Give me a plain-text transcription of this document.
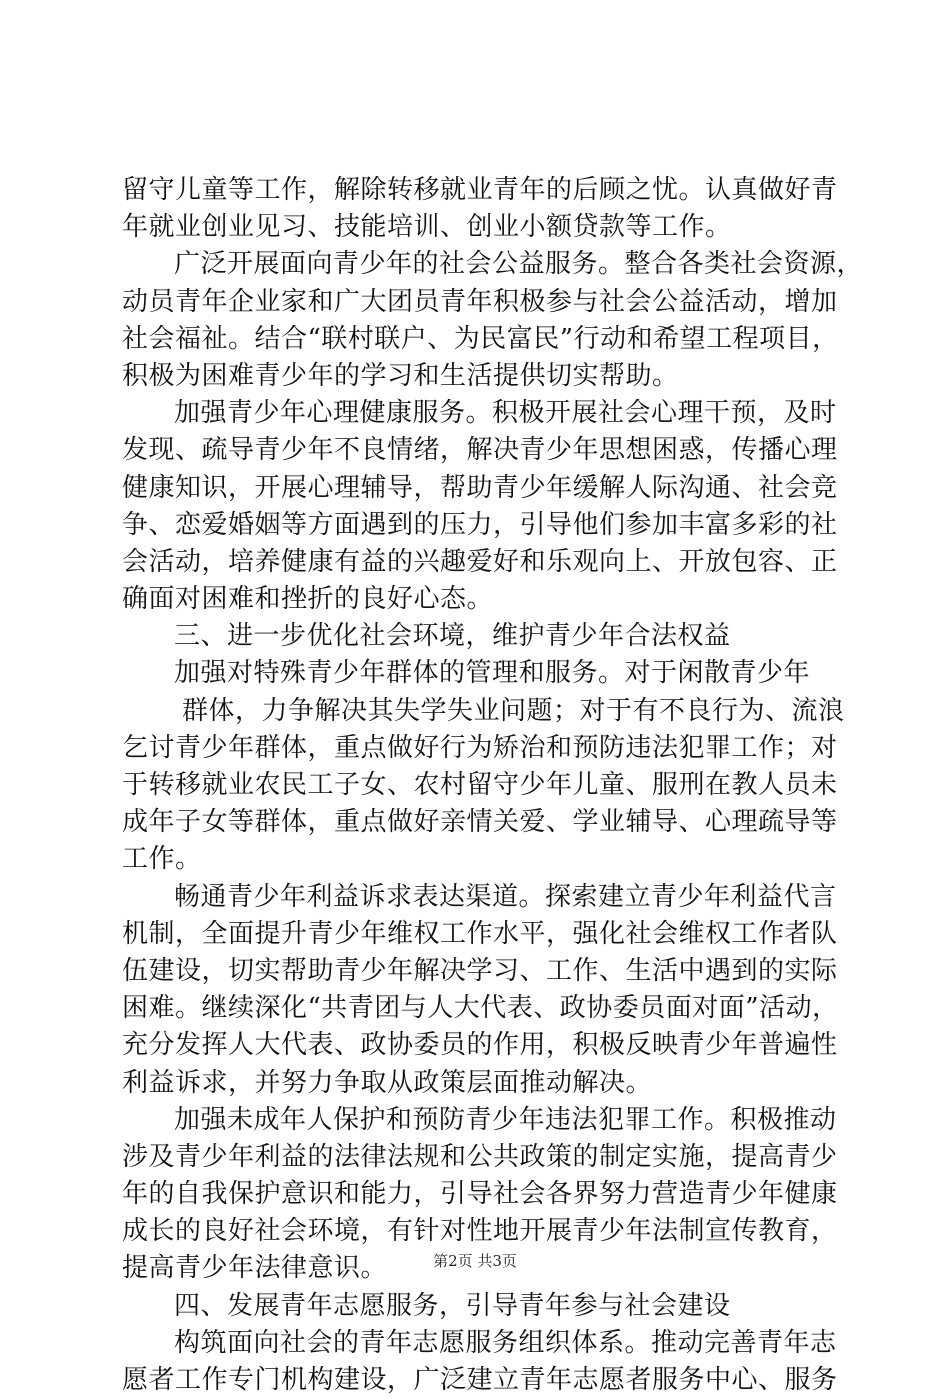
留守儿童等工作，解除转移就业青年的后顾之忧。认真做好青
年就业创业见习、技能培训、创业小额贷款等工作。
广泛开展面向青少年的社会公益服务。整合各类社会资源，
动员青年企业家和广大团员青年积极参与社会公益活动，增加
社会福祉。结合“联村联户、为民富民”行动和希望工程项目，
积极为困难青少年的学习和生活提供切实帮助。
加强青少年心理健康服务。积极开展社会心理干预，及时
发现、疏导青少年不良情绪，解决青少年思想困惑，传播心理
健康知识，开展心理辅导，帮助青少年缓解人际沟通、社会竞
争、恋爱婚姻等方面遇到的压力，引导他们参加丰富多彩的社
会活动，培养健康有益的兴趣爱好和乐观向上、开放包容、正
确面对困难和挫折的良好心态。
三、进一步优化社会环境，维护青少年合法权益
加强对特殊青少年群体的管理和服务。对于闲散青少年
群体，力争解决其失学失业问题；对于有不良行为、流浪
乞讨青少年群体，重点做好行为矫治和预防违法犯罪工作；对
于转移就业农民工子女、农村留守少年儿童、服刑在教人员未
成年子女等群体，重点做好亲情关爱、学业辅导、心理疏导等
工作。
畅通青少年利益诉求表达渠道。探索建立青少年利益代言
机制，全面提升青少年维权工作水平，强化社会维权工作者队
伍建设，切实帮助青少年解决学习、工作、生活中遇到的实际
困难。继续深化“共青团与人大代表、政协委员面对面”活动，
充分发挥人大代表、政协委员的作用，积极反映青少年普遍性
利益诉求，并努力争取从政策层面推动解决。
加强未成年人保护和预防青少年违法犯罪工作。积极推动
涉及青少年利益的法律法规和公共政策的制定实施，提高青少
年的自我保护意识和能力，引导社会各界努力营造青少年健康
成长的良好社会环境，有针对性地开展青少年法制宣传教育，
提高青少年法律意识。
四、发展青年志愿服务，引导青年参与社会建设
构筑面向社会的青年志愿服务组织体系。推动完善青年志
愿者工作专门机构建设，广泛建立青年志愿者服务中心、服务
第2页 共3页
